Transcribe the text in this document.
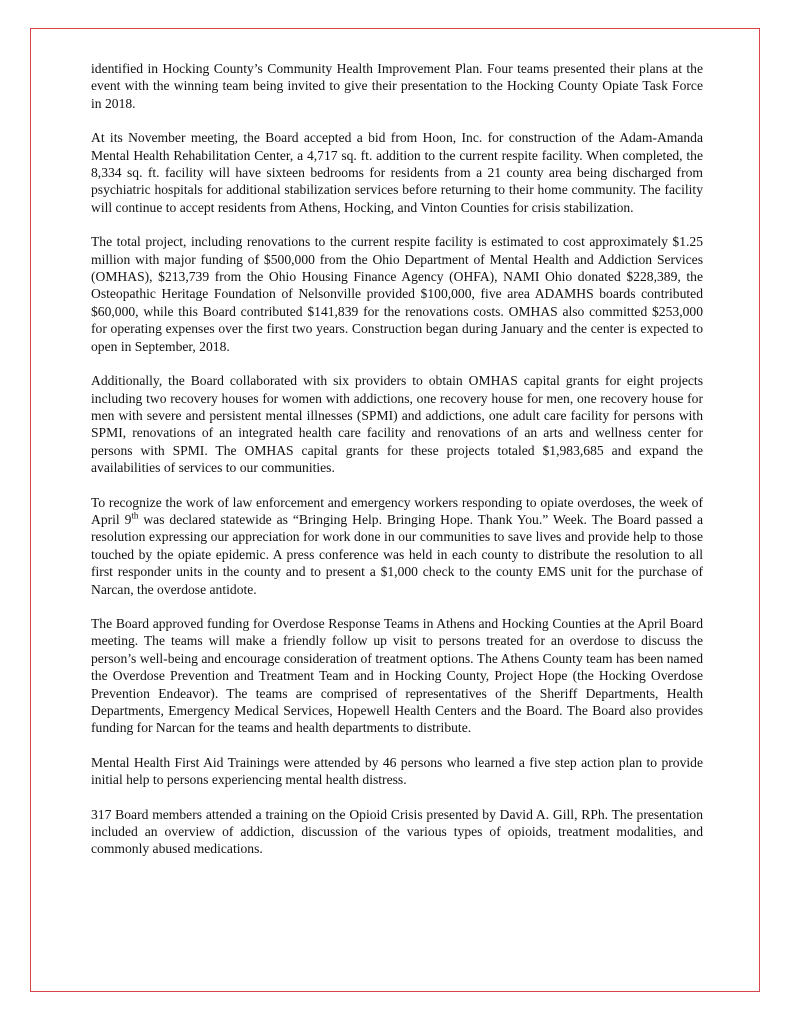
identified in Hocking County’s Community Health Improvement Plan. Four teams presented their plans at the event with the winning team being invited to give their presentation to the Hocking County Opiate Task Force in 2018.

At its November meeting, the Board accepted a bid from Hoon, Inc. for construction of the Adam-Amanda Mental Health Rehabilitation Center, a 4,717 sq. ft. addition to the current respite facility. When completed, the 8,334 sq. ft. facility will have sixteen bedrooms for residents from a 21 county area being discharged from psychiatric hospitals for additional stabilization services before returning to their home community. The facility will continue to accept residents from Athens, Hocking, and Vinton Counties for crisis stabilization.

The total project, including renovations to the current respite facility is estimated to cost approximately $1.25 million with major funding of $500,000 from the Ohio Department of Mental Health and Addiction Services (OMHAS), $213,739 from the Ohio Housing Finance Agency (OHFA), NAMI Ohio donated $228,389, the Osteopathic Heritage Foundation of Nelsonville provided $100,000, five area ADAMHS boards contributed $60,000, while this Board contributed $141,839 for the renovations costs. OMHAS also committed $253,000 for operating expenses over the first two years. Construction began during January and the center is expected to open in September, 2018.

Additionally, the Board collaborated with six providers to obtain OMHAS capital grants for eight projects including two recovery houses for women with addictions, one recovery house for men, one recovery house for men with severe and persistent mental illnesses (SPMI) and addictions, one adult care facility for persons with SPMI, renovations of an integrated health care facility and renovations of an arts and wellness center for persons with SPMI. The OMHAS capital grants for these projects totaled $1,983,685 and expand the availabilities of services to our communities.

To recognize the work of law enforcement and emergency workers responding to opiate overdoses, the week of April 9th was declared statewide as “Bringing Help. Bringing Hope. Thank You.” Week. The Board passed a resolution expressing our appreciation for work done in our communities to save lives and provide help to those touched by the opiate epidemic. A press conference was held in each county to distribute the resolution to all first responder units in the county and to present a $1,000 check to the county EMS unit for the purchase of Narcan, the overdose antidote.

The Board approved funding for Overdose Response Teams in Athens and Hocking Counties at the April Board meeting. The teams will make a friendly follow up visit to persons treated for an overdose to discuss the person’s well-being and encourage consideration of treatment options. The Athens County team has been named the Overdose Prevention and Treatment Team and in Hocking County, Project Hope (the Hocking Overdose Prevention Endeavor). The teams are comprised of representatives of the Sheriff Departments, Health Departments, Emergency Medical Services, Hopewell Health Centers and the Board. The Board also provides funding for Narcan for the teams and health departments to distribute.

Mental Health First Aid Trainings were attended by 46 persons who learned a five step action plan to provide initial help to persons experiencing mental health distress.

317 Board members attended a training on the Opioid Crisis presented by David A. Gill, RPh. The presentation included an overview of addiction, discussion of the various types of opioids, treatment modalities, and commonly abused medications.
